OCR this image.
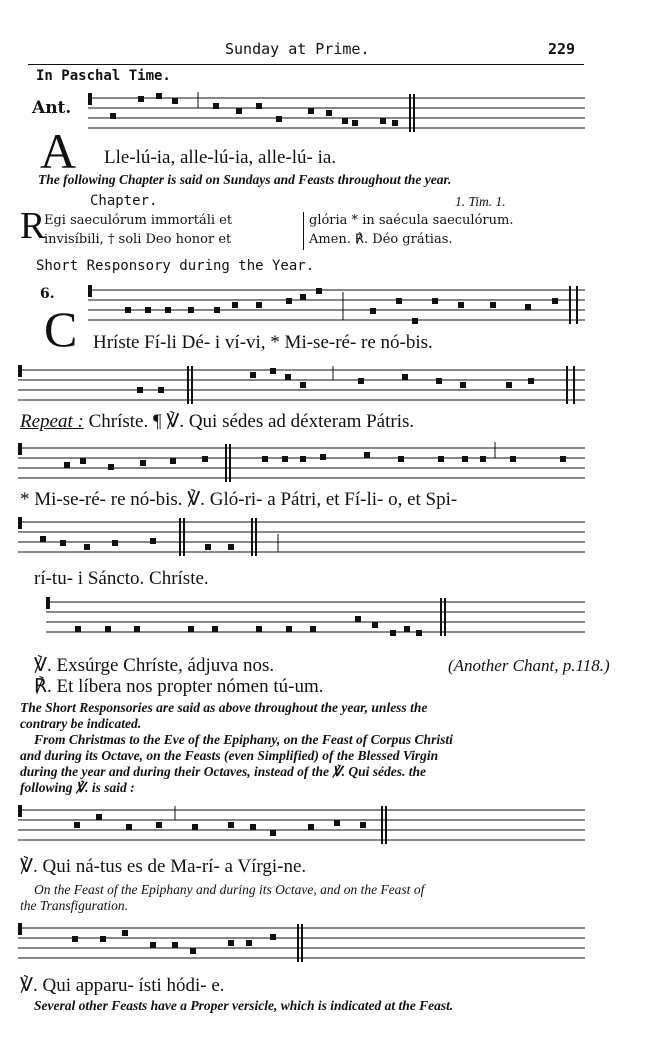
Sunday at Prime.	229
In Paschal Time.
Ant.
A Lle-lú-ia, alle-lú-ia, alle-lú- ia.
The following Chapter is said on Sundays and Feasts throughout the year.
Chapter.	1. Tim. 1.
R
Egi saeculórum immortáli et
invisíbili, † soli Deo honor et
glória * in saécula saeculórum.
Amen. ℟. Déo grátias.
Short Responsory during the Year.
6.
C Hríste Fí-li Dé- i ví-vi, * Mi-se-ré- re nó-bis.
Repeat : Chríste. ¶ ℣. Qui sédes ad déxteram Pátris.
* Mi-se-ré- re nó-bis. ℣. Gló-ri- a Pátri, et Fí-li- o, et Spi-
rí-tu- i Sáncto. Chríste.
℣. Exsúrge Chríste, ádjuva nos.	(Another Chant, p.118.)
℟. Et líbera nos propter nómen tú-um.
The Short Responsories are said as above throughout the year, unless the
contrary be indicated.
From Christmas to the Eve of the Epiphany, on the Feast of Corpus Christi
and during its Octave, on the Feasts (even Simplified) of the Blessed Virgin
during the year and during their Octaves, instead of the ℣. Qui sédes. the
following ℣. is said :
℣. Qui ná-tus es de Ma-rí- a Vírgi-ne.
On the Feast of the Epiphany and during its Octave, and on the Feast of
the Transfiguration.
℣. Qui apparu- ísti hódi- e.
Several other Feasts have a Proper versicle, which is indicated at the Feast.
